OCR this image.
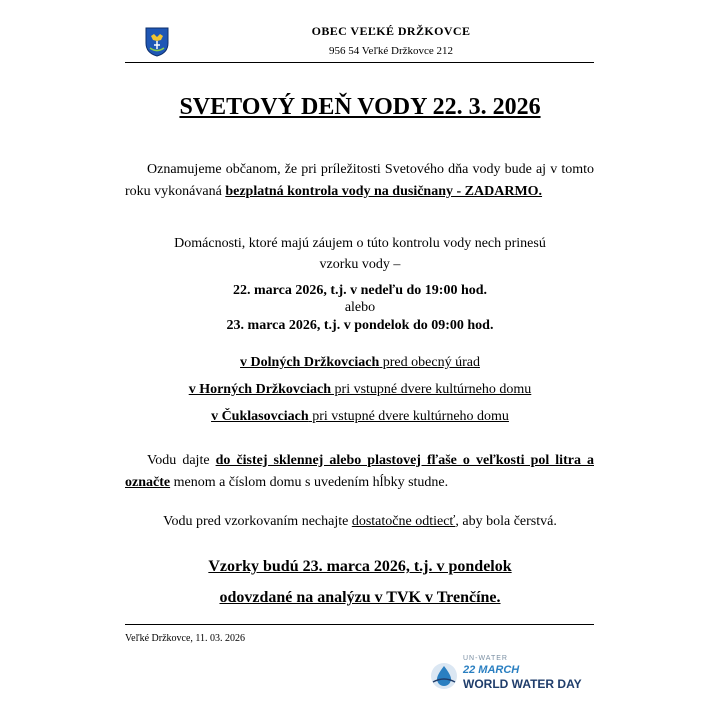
OBEC VEĽKÉ DRŽKOVCE
956 54 Veľké Držkovce 212
SVETOVÝ DEŇ VODY 22. 3. 2026
Oznamujeme občanom, že pri príležitosti Svetového dňa vody bude aj v tomto roku vykonávaná bezplatná kontrola vody na dusičnany - ZADARMO.
Domácnosti, ktoré majú záujem o túto kontrolu vody nech prinesú
vzorku vody –
22. marca 2026, t.j. v nedeľu do 19:00 hod.
alebo
23. marca 2026, t.j. v pondelok do 09:00 hod.
v Dolných Držkovciach pred obecný úrad
v Horných Držkovciach pri vstupné dvere kultúrneho domu
v Čuklasovciach pri vstupné dvere kultúrneho domu
Vodu dajte do čistej sklennej alebo plastovej fľaše o veľkosti pol litra a označte menom a číslom domu s uvedením hĺbky studne.
Vodu pred vzorkovaním nechajte dostatočne odtiecť, aby bola čerstvá.
Vzorky budú 23. marca 2026, t.j. v pondelok
odovzdané na analýzu v TVK v Trenčíne.
Veľké Držkovce, 11. 03. 2026
UN-WATER
22 MARCH
WORLD WATER DAY
